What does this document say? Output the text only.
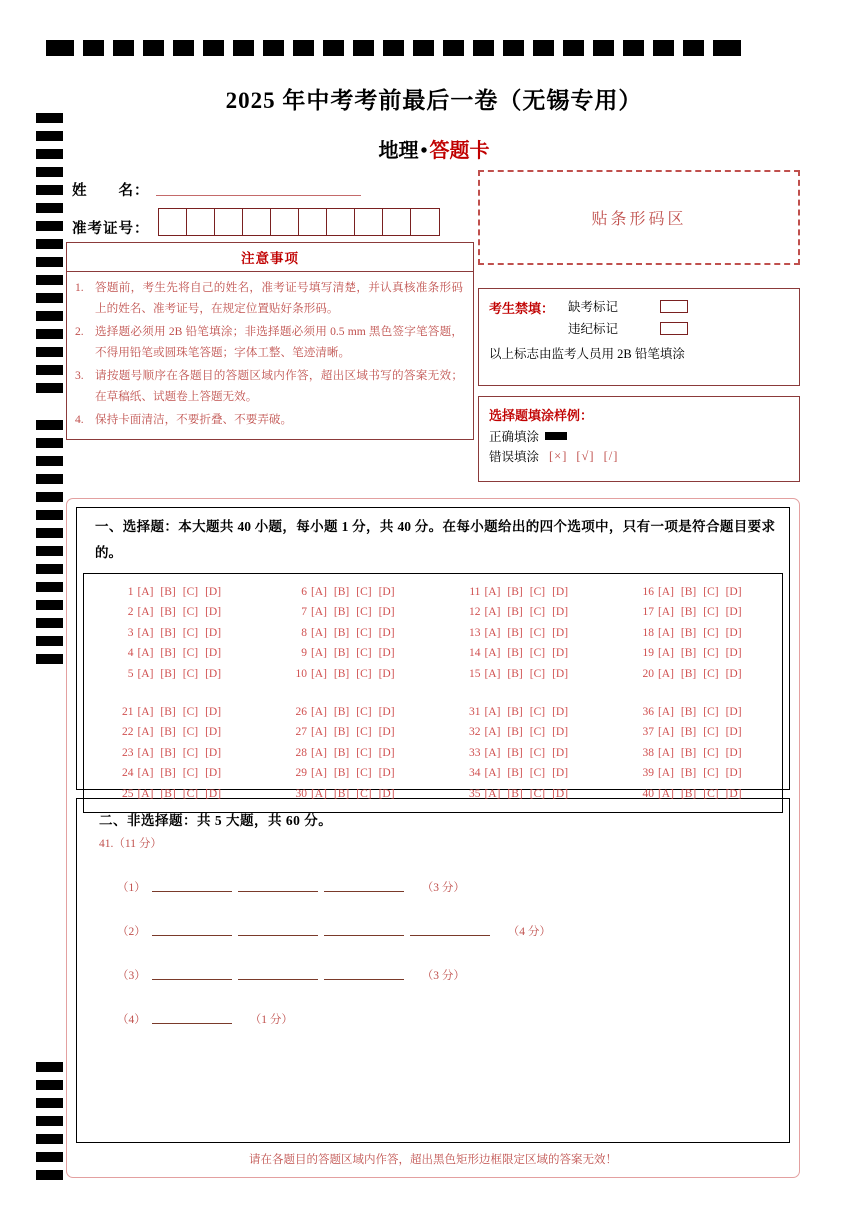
2025 年中考考前最后一卷（无锡专用）
地理 • 答题卡
姓　　名：
准考证号：
贴条形码区
注意事项
1. 答题前，考生先将自己的姓名，准考证号填写清楚，并认真核准条形码上的姓名、准考证号，在规定位置贴好条形码。
2. 选择题必须用 2B 铅笔填涂；非选择题必须用 0.5 mm 黑色签字笔答题，不得用铅笔或圆珠笔答题；字体工整、笔迹清晰。
3. 请按题号顺序在各题目的答题区域内作答，超出区域书写的答案无效；在草稿纸、试题卷上答题无效。
4. 保持卡面清洁，不要折叠、不要弄破。
考生禁填： 缺考标记
违纪标记
以上标志由监考人员用 2B 铅笔填涂
选择题填涂样例：
正确填涂
错误填涂 [×] [√] [/]
一、选择题：本大题共 40 小题，每小题 1 分，共 40 分。在每小题给出的四个选项中，只有一项是符合题目要求的。
1 [A] [B] [C] [D]
2 [A] [B] [C] [D]
3 [A] [B] [C] [D]
4 [A] [B] [C] [D]
5 [A] [B] [C] [D]
6 [A] [B] [C] [D]
7 [A] [B] [C] [D]
8 [A] [B] [C] [D]
9 [A] [B] [C] [D]
10 [A] [B] [C] [D]
11 [A] [B] [C] [D]
12 [A] [B] [C] [D]
13 [A] [B] [C] [D]
14 [A] [B] [C] [D]
15 [A] [B] [C] [D]
16 [A] [B] [C] [D]
17 [A] [B] [C] [D]
18 [A] [B] [C] [D]
19 [A] [B] [C] [D]
20 [A] [B] [C] [D]
21 [A] [B] [C] [D]
22 [A] [B] [C] [D]
23 [A] [B] [C] [D]
24 [A] [B] [C] [D]
25 [A] [B] [C] [D]
26 [A] [B] [C] [D]
27 [A] [B] [C] [D]
28 [A] [B] [C] [D]
29 [A] [B] [C] [D]
30 [A] [B] [C] [D]
31 [A] [B] [C] [D]
32 [A] [B] [C] [D]
33 [A] [B] [C] [D]
34 [A] [B] [C] [D]
35 [A] [B] [C] [D]
36 [A] [B] [C] [D]
37 [A] [B] [C] [D]
38 [A] [B] [C] [D]
39 [A] [B] [C] [D]
40 [A] [B] [C] [D]
二、非选择题：共 5 大题，共 60 分。
41.（11 分）
（1）	（3 分）
（2）	（4 分）
（3）	（3 分）
（4）	（1 分）
请在各题目的答题区域内作答，超出黑色矩形边框限定区域的答案无效！
